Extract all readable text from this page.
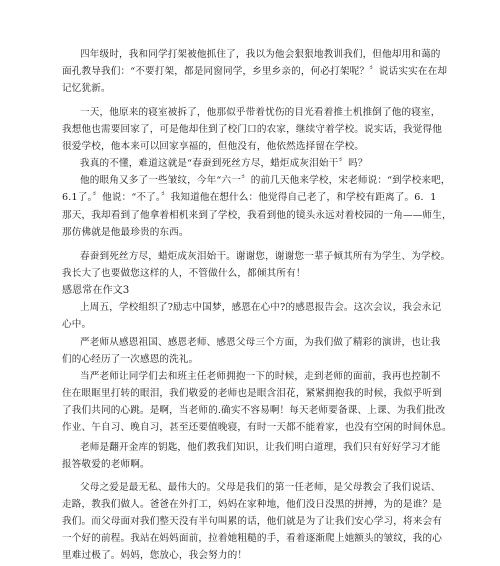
四年级时，我和同学打架被他抓住了，我以为他会狠狠地教训我们，但他却用和蔼的
面孔教导我们：“不要打架，都是同窗同学，乡里乡亲的，何必打架呢？〞说话实实在在却
记忆犹新。
一天，他原来的寝室被拆了，他那似乎带着忧伤的目光看着推土机推倒了他的寝室，
我想他也需要回家了，可是他却住到了校门口的农家，继续守着学校。说实话，我觉得他
很爱学校，他本来可以回家享福的，但他没有，他依然选择留在学校。
我真的不懂，难道这就是“春蚕到死丝方尽，蜡炬成灰泪始干〞吗？
他的眼角又多了一些皱纹，今年“六一〞的前几天他来学校，宋老师说：“到学校来吧，
6.1了。〞他说：“不了。〞我知道他在想什么：他觉得自己老了，和学校有距离了。6．1
那天，我却看到了他拿着相机来到了学校，我看到他的镜头永远对着校园的一角——师生，
那仿佛就是他最珍贵的东西。
春蚕到死丝方尽，蜡炬成灰泪始干。谢谢您，谢谢您一辈子倾其所有为学生、为学校。
我长大了也要做您这样的人，不管做什么，都倾其所有！
感恩常在作文3
上周五，学校组织了?励志中国梦，感恩在心中?的感恩报告会。这次会议，我会永记
心中。
严老师从感恩祖国、感恩老师、感恩父母三个方面，为我们做了精彩的演讲，也让我
们的心经历了一次感恩的洗礼。
当严老师让同学们去和班主任老师拥抱一下的时候，走到老师的面前，我再也控制不
住在眼眶里打转的眼泪，我们敬爱的老师也是眼含泪花，紧紧拥抱我的时候，我似乎听到
了我们共同的心跳。是啊，当老师的.确实不容易啊！每天老师要备课、上课、为我们批改
作业、午自习、晚自习，甚至还要值晚寝，有时一天都不能着家，也没有空闲的时间休息。
老师是翻开金库的钥匙，他们教我们知识，让我们明白道理，我们只有好好学习才能
报答敬爱的老师啊。
父母之爱是最无私、最伟大的。父母是我们的第一任老师，是父母教会了我们说话、
走路，教我们做人。爸爸在外打工，妈妈在家种地，他们没日没黑的拼搏，为的是谁？是
我们。而父母面对我们整天没有半句叫累的话，他们就是为了让我们安心学习，将来会有
一个好的前程。我站在妈妈面前，拉着她粗糙的手，看着逐渐爬上她额头的皱纹，我的心
里难过极了。妈妈，您放心，我会努力的！
